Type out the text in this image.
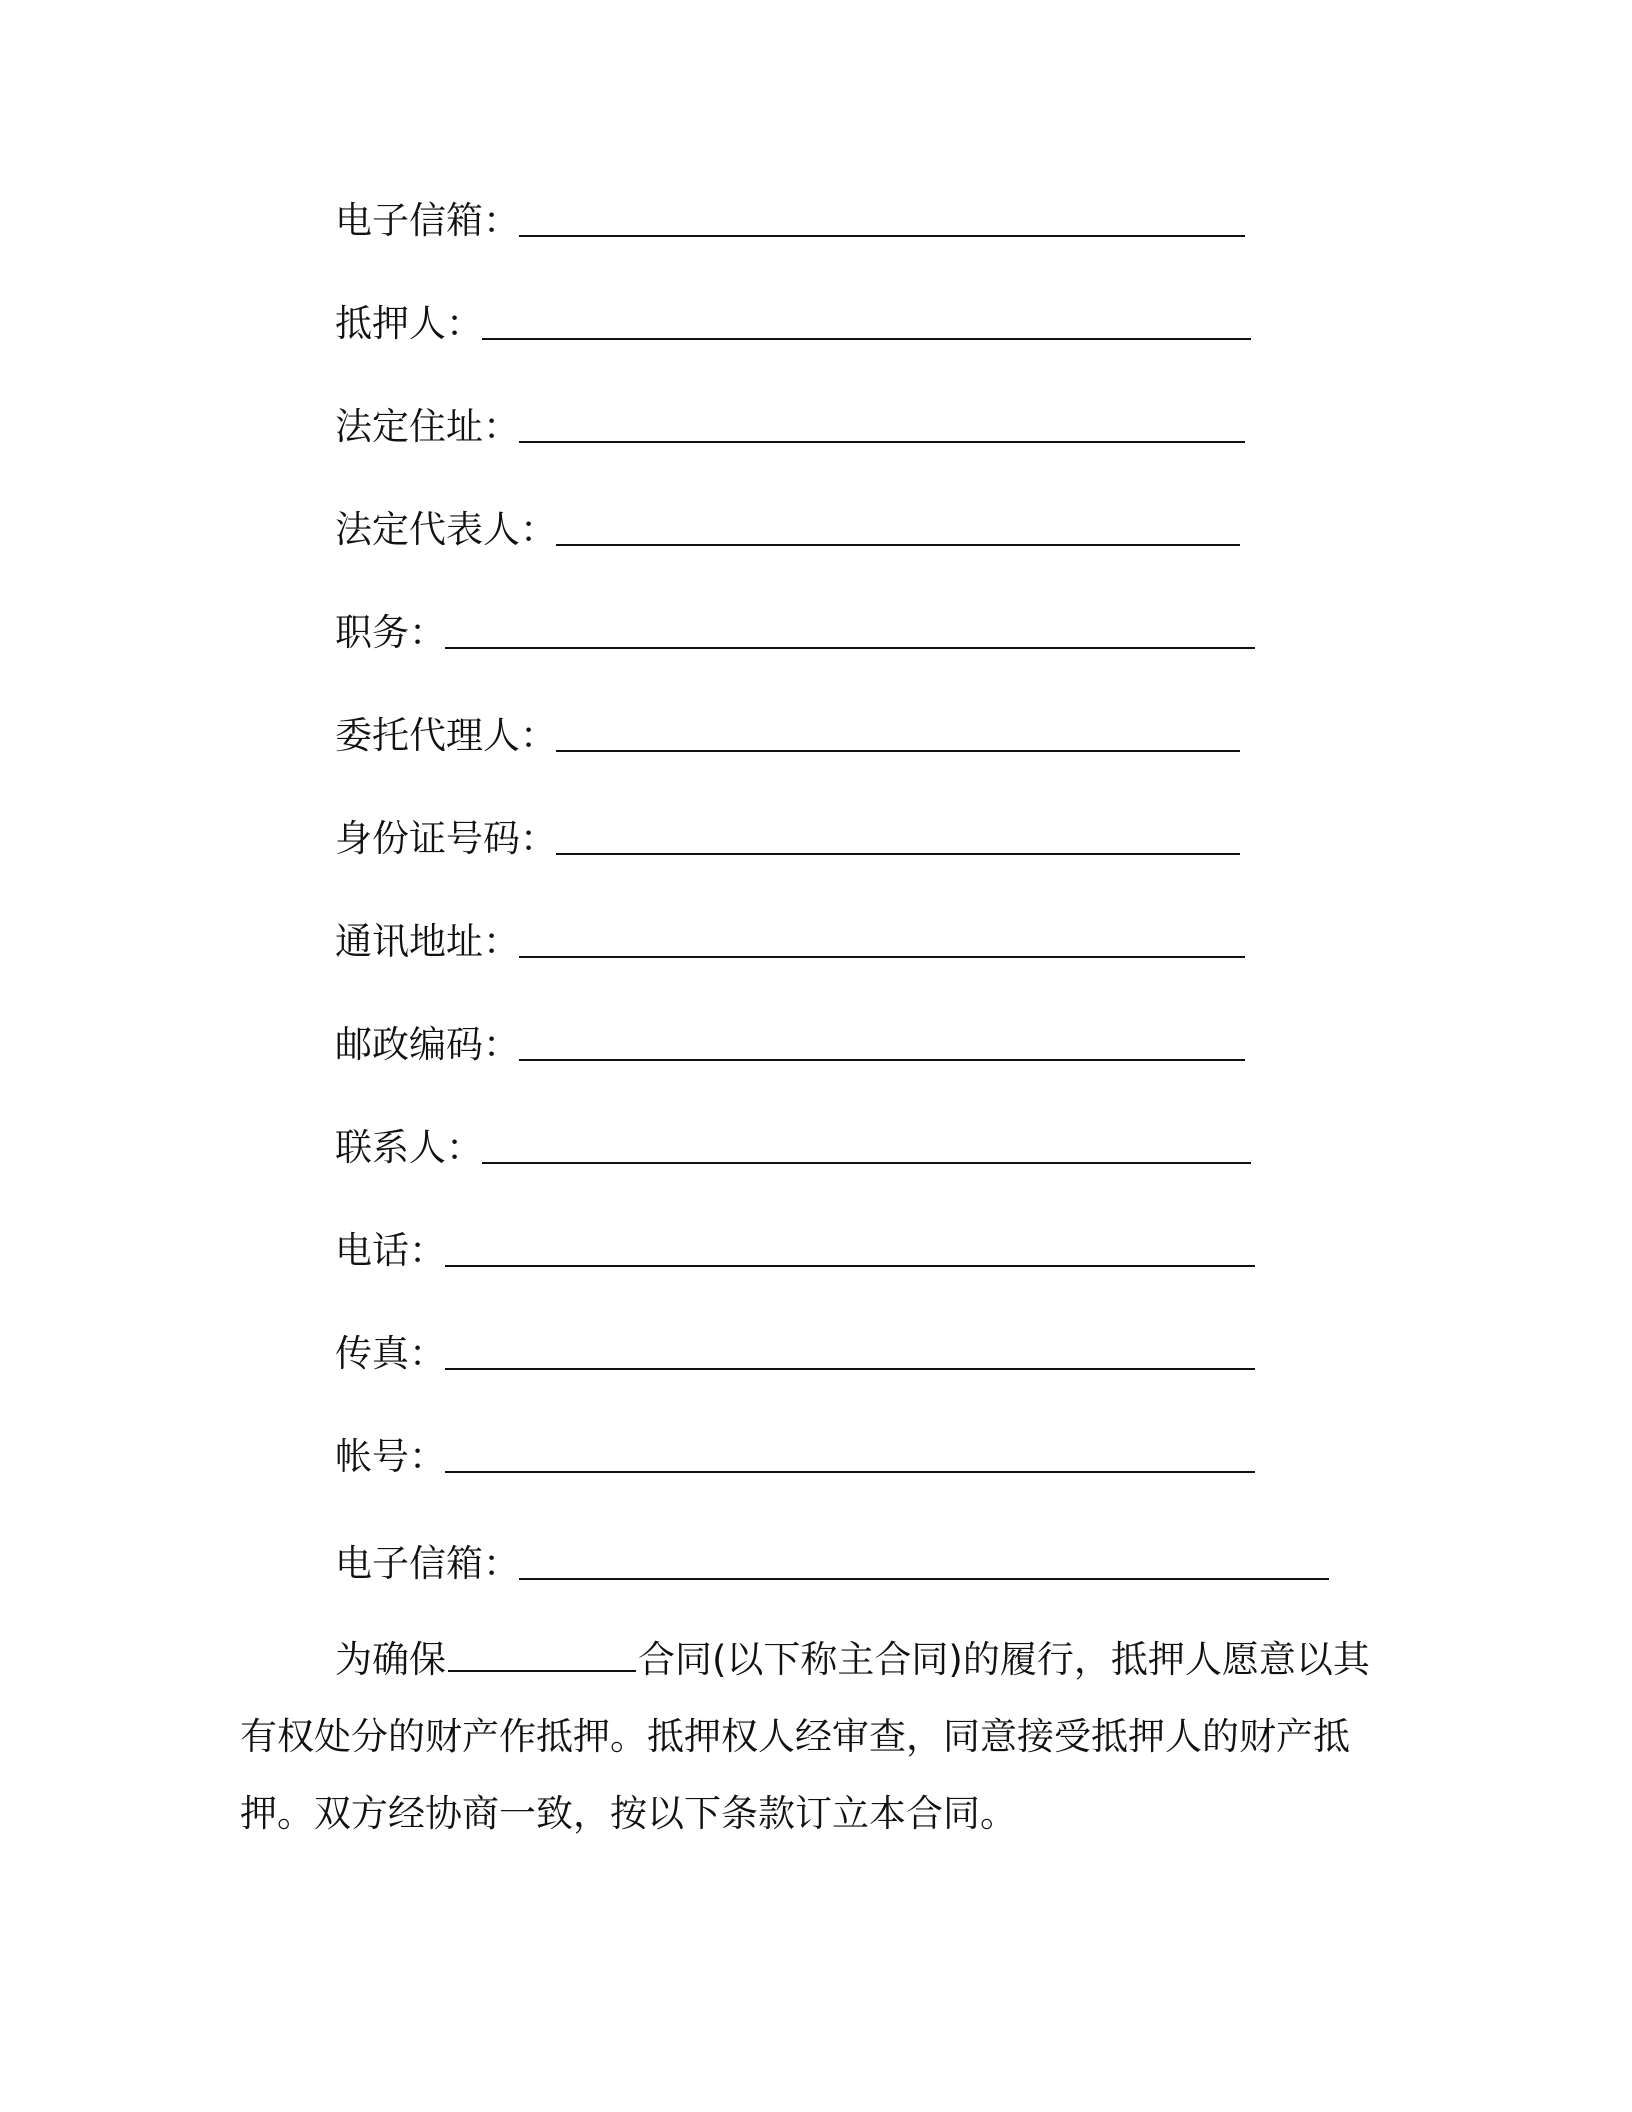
电子信箱：
抵押人：
法定住址：
法定代表人：
职务：
委托代理人：
身份证号码：
通讯地址：
邮政编码：
联系人：
电话：
传真：
帐号：
电子信箱：
为确保	合同(以下称主合同)的履行，抵押人愿意以其
有权处分的财产作抵押。抵押权人经审查，同意接受抵押人的财产抵
押。双方经协商一致，按以下条款订立本合同。
